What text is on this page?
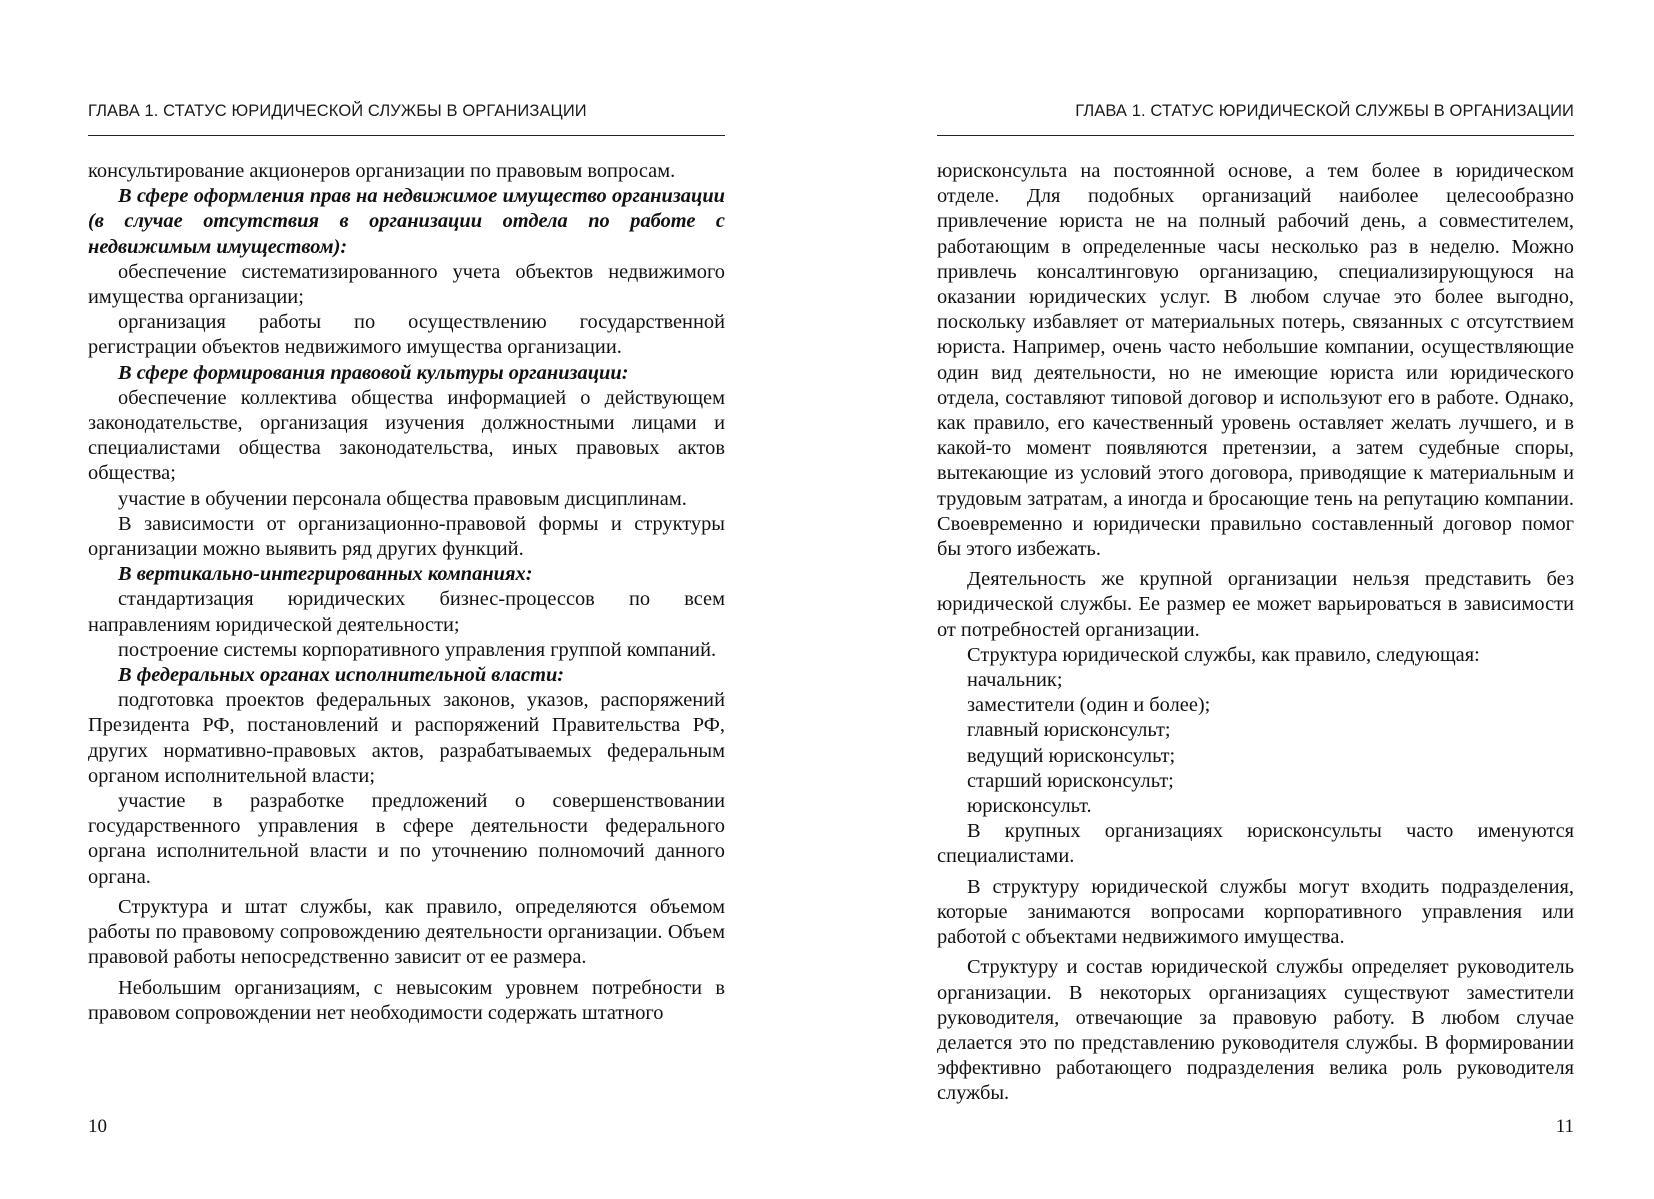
ГЛАВА 1. СТАТУС ЮРИДИЧЕСКОЙ СЛУЖБЫ В ОРГАНИЗАЦИИ

консультирование акционеров организации по правовым вопросам.

В сфере оформления прав на недвижимое имущество организации (в случае отсутствия в организации отдела по работе с недвижимым имуществом):

обеспечение систематизированного учета объектов недвижимого имущества организации;

организация работы по осуществлению государственной регистрации объектов недвижимого имущества организации.

В сфере формирования правовой культуры организации:

обеспечение коллектива общества информацией о действующем законодательстве, организация изучения должностными лицами и специалистами общества законодательства, иных правовых актов общества;

участие в обучении персонала общества правовым дисциплинам.

В зависимости от организационно-правовой формы и структуры организации можно выявить ряд других функций.

В вертикально-интегрированных компаниях:

стандартизация юридических бизнес-процессов по всем направлениям юридической деятельности;

построение системы корпоративного управления группой компаний.

В федеральных органах исполнительной власти:

подготовка проектов федеральных законов, указов, распоряжений Президента РФ, постановлений и распоряжений Правительства РФ, других нормативно-правовых актов, разрабатываемых федеральным органом исполнительной власти;

участие в разработке предложений о совершенствовании государственного управления в сфере деятельности федерального органа исполнительной власти и по уточнению полномочий данного органа.

Структура и штат службы, как правило, определяются объемом работы по правовому сопровождению деятельности организации. Объем правовой работы непосредственно зависит от ее размера.

Небольшим организациям, с невысоким уровнем потребности в правовом сопровождении нет необходимости содержать штатного

10
ГЛАВА 1. СТАТУС ЮРИДИЧЕСКОЙ СЛУЖБЫ В ОРГАНИЗАЦИИ

юрисконсульта на постоянной основе, а тем более в юридическом отделе. Для подобных организаций наиболее целесообразно привлечение юриста не на полный рабочий день, а совместителем, работающим в определенные часы несколько раз в неделю. Можно привлечь консалтинговую организацию, специализирующуюся на оказании юридических услуг. В любом случае это более выгодно, поскольку избавляет от материальных потерь, связанных с отсутствием юриста. Например, очень часто небольшие компании, осуществляющие один вид деятельности, но не имеющие юриста или юридического отдела, составляют типовой договор и используют его в работе. Однако, как правило, его качественный уровень оставляет желать лучшего, и в какой-то момент появляются претензии, а затем судебные споры, вытекающие из условий этого договора, приводящие к материальным и трудовым затратам, а иногда и бросающие тень на репутацию компании. Своевременно и юридически правильно составленный договор помог бы этого избежать.

Деятельность же крупной организации нельзя представить без юридической службы. Ее размер ее может варьироваться в зависимости от потребностей организации.

Структура юридической службы, как правило, следующая:

начальник;

заместители (один и более);

главный юрисконсульт;

ведущий юрисконсульт;

старший юрисконсульт;

юрисконсульт.

В крупных организациях юрисконсульты часто именуются специалистами.

В структуру юридической службы могут входить подразделения, которые занимаются вопросами корпоративного управления или работой с объектами недвижимого имущества.

Структуру и состав юридической службы определяет руководитель организации. В некоторых организациях существуют заместители руководителя, отвечающие за правовую работу. В любом случае делается это по представлению руководителя службы. В формировании эффективно работающего подразделения велика роль руководителя службы.

11
